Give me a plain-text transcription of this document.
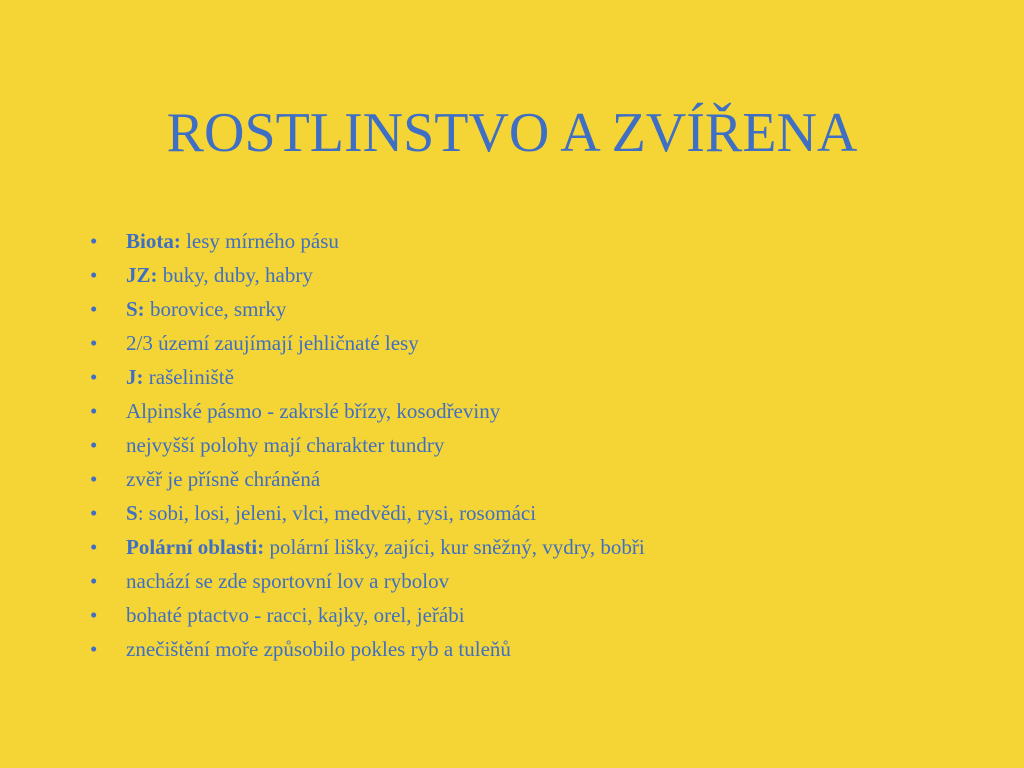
ROSTLINSTVO A ZVÍŘENA
•	Biota: lesy mírného pásu
•	JZ: buky, duby, habry
•	S: borovice, smrky
•	2/3 území zaujímají jehličnaté lesy
•	J: rašeliniště
•	Alpinské pásmo - zakrslé břízy, kosodřeviny
•	nejvyšší polohy mají charakter tundry
•	zvěř je přísně chráněná
•	S: sobi, losi, jeleni, vlci, medvědi, rysi, rosomáci
•	Polární oblasti: polární lišky, zajíci, kur sněžný, vydry, bobři
•	nachází se zde sportovní lov a rybolov
•	bohaté ptactvo - racci, kajky, orel, jeřábi
•	znečištění moře způsobilo pokles ryb a tuleňů
